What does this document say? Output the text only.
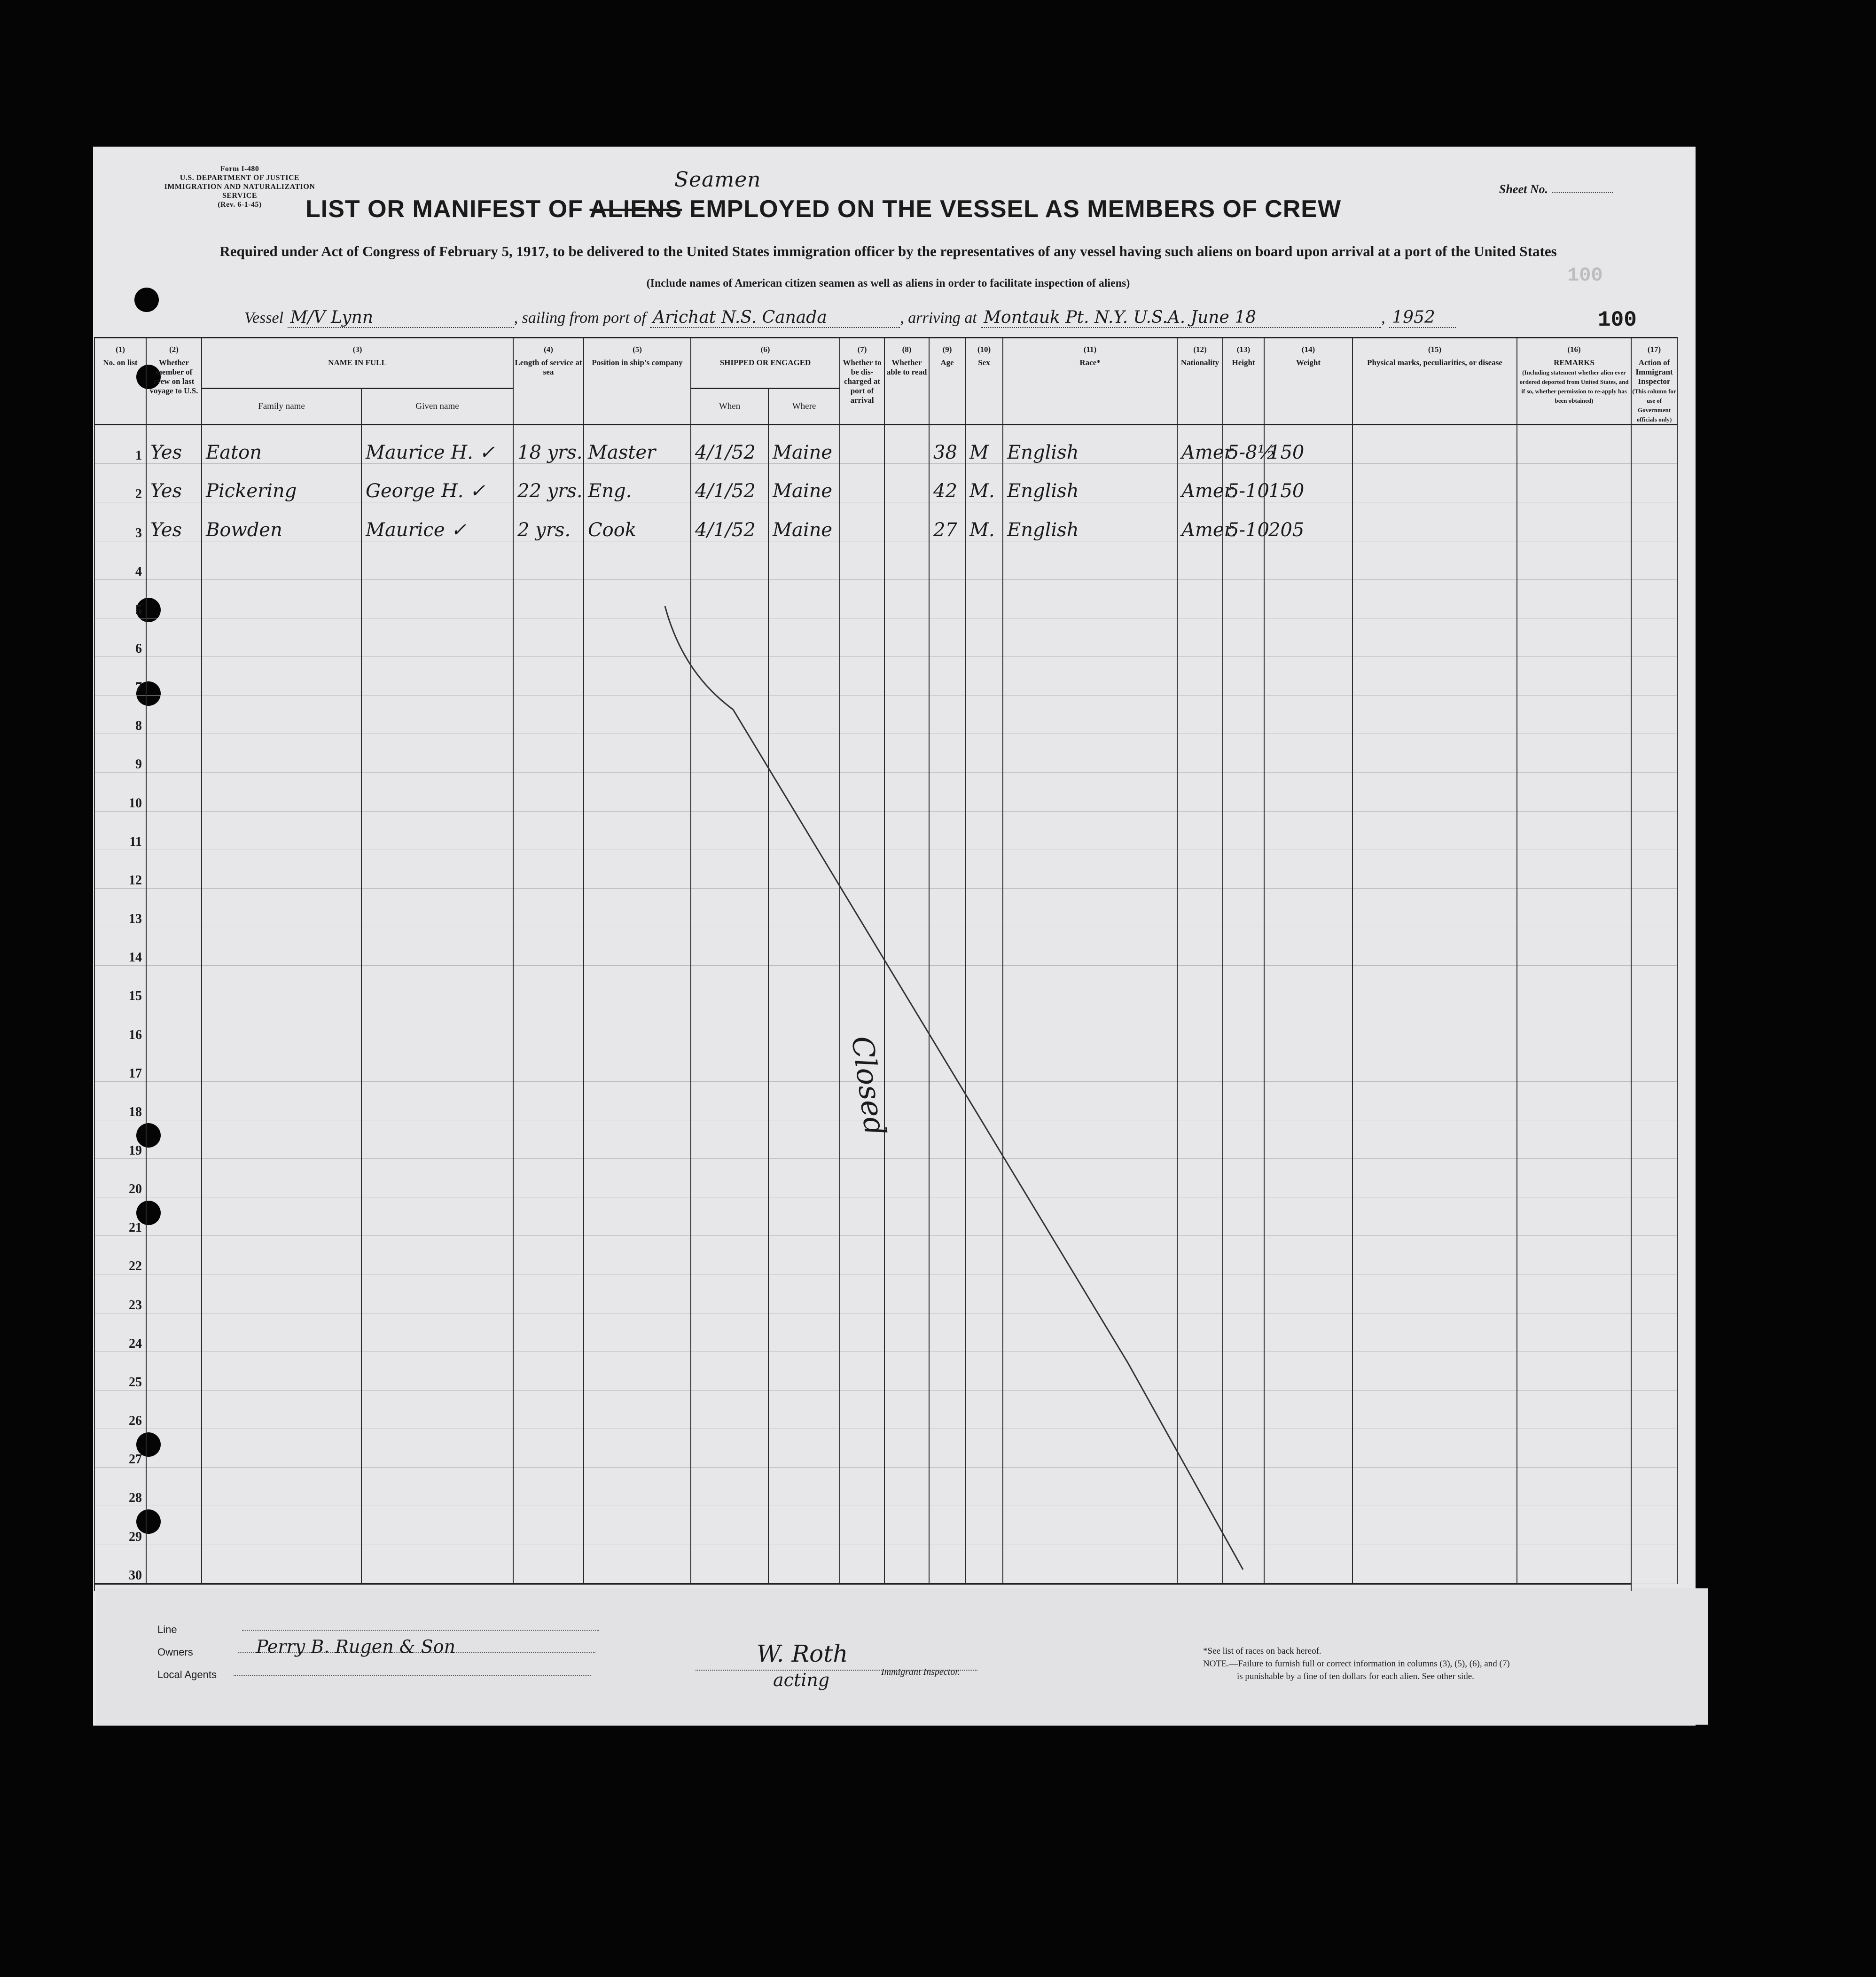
Form I-480
U.S. DEPARTMENT OF JUSTICE
IMMIGRATION AND NATURALIZATION SERVICE
(Rev. 6-1-45)
Sheet No.
LIST OR MANIFEST OF ALIENS EMPLOYED ON THE VESSEL AS MEMBERS OF CREW
Seamen
Required under Act of Congress of February 5, 1917, to be delivered to the United States immigration officer by the representatives of any vessel having such aliens on board upon arrival at a port of the United States
(Include names of American citizen seamen as well as aliens in order to facilitate inspection of aliens)	100
100
Vessel M/V Lynn	, sailing from port of Arichat N.S. Canada	, arriving at Montauk Pt. N.Y. U.S.A. June 18	, 1952
(1)
No. on list	(2)
Whether member of crew on last voyage to U.S.	(3)
NAME IN FULL		(4)
Length of service at sea	(5)
Position in ship's company	(6)
SHIPPED OR ENGAGED		(7)
Whether to be dis-charged at port of arrival	(8)
Whether able to read	(9)
Age	(10)
Sex	(11)
Race*	(12)
Nationality	(13)
Height	(14)
Weight	(15)
Physical marks, peculiarities, or disease	(16)
REMARKS
(Including statement whether alien ever ordered deported from United States, and if so, whether permission to re-apply has been obtained)	(17)
Action of Immigrant Inspector
(This column for use of Government officials only)
		Family name	Given name			When	Where											
1	Yes	Eaton	Maurice H. ✓	18 yrs.	Master	4/1/52	Maine			38	M	English	Amer.	5-8½	150			
2	Yes	Pickering	George H. ✓	22 yrs.	Eng.	4/1/52	Maine			42	M.	English	Amer.	5-10	150			
3	Yes	Bowden	Maurice ✓	2 yrs.	Cook	4/1/52	Maine			27	M.	English	Amer.	5-10	205			
4																		
5																		
6																		
7																		
8																		
9																		
10																		
11																		
12																		
13																		
14																		
15																		
16																		
17																		
18																		
19																		
20																		
21																		
22																		
23																		
24																		
25																		
26																		
27																		
28																		
29																		
30																		

Closed
Line
Owners
Local Agents
Perry B. Rugen & Son	W. Roth
acting	Immigrant Inspector.

*See list of races on back hereof.

NOTE.—Failure to furnish full or correct information in columns (3), (5), (6), and (7)

is punishable by a fine of ten dollars for each alien. See other side.
